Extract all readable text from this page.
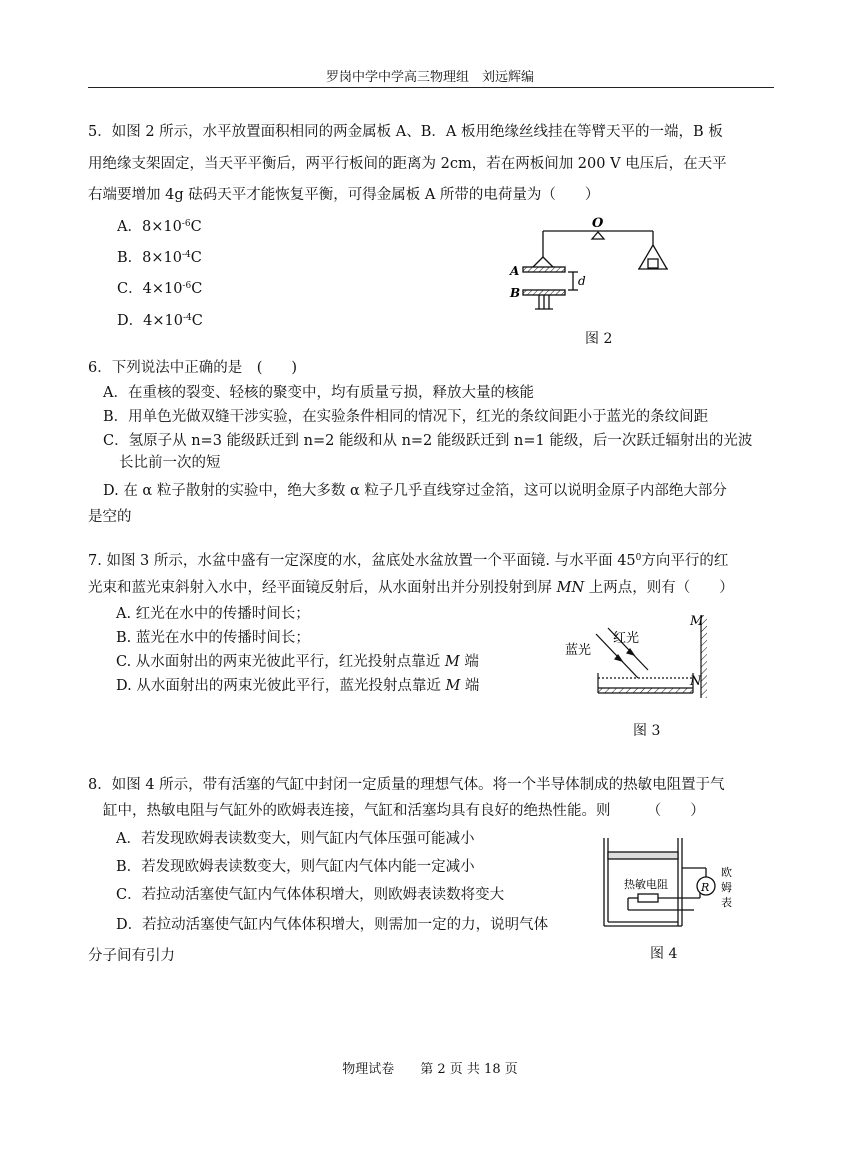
罗岗中学中学高三物理组　刘远辉编
5．如图 2 所示，水平放置面积相同的两金属板 A、B．A 板用绝缘丝线挂在等臂天平的一端，B 板
用绝缘支架固定，当天平平衡后，两平行板间的距离为 2cm，若在两板间加 200 V 电压后，在天平
右端要增加 4g 砝码天平才能恢复平衡，可得金属板 A 所带的电荷量为（　　）
A．$8\times 10^{-6}C$
B．$8\times 10^{-4}C$
C．$4\times 10^{-6}C$
D．$4\times 10^{-4}C$
O
A
B
d
图 2
6．下列说法中正确的是　(　　)
A．在重核的裂变、轻核的聚变中，均有质量亏损，释放大量的核能
B．用单色光做双缝干涉实验，在实验条件相同的情况下，红光的条纹间距小于蓝光的条纹间距
C．氢原子从 n=3 能级跃迁到 n=2 能级和从 n=2 能级跃迁到 n=1 能级，后一次跃迁辐射出的光波
长比前一次的短
D. 在 α 粒子散射的实验中，绝大多数 α 粒子几乎直线穿过金箔，这可以说明金原子内部绝大部分
是空的
7. 如图 3 所示，水盆中盛有一定深度的水，盆底处水盆放置一个平面镜. 与水平面 $45^0$方向平行的红
光束和蓝光束斜射入水中，经平面镜反射后，从水面射出并分别投射到屏 MN 上两点，则有（　　）
A. 红光在水中的传播时间长；
B. 蓝光在水中的传播时间长；
C. 从水面射出的两束光彼此平行，红光投射点靠近 M 端
D. 从水面射出的两束光彼此平行，蓝光投射点靠近 M 端
M
N
蓝光
红光
图 3
8．如图 4 所示，带有活塞的气缸中封闭一定质量的理想气体。将一个半导体制成的热敏电阻置于气
缸中，热敏电阻与气缸外的欧姆表连接，气缸和活塞均具有良好的绝热性能。则　　　（　　）
A．若发现欧姆表读数变大，则气缸内气体压强可能减小
B．若发现欧姆表读数变大，则气缸内气体内能一定减小
C．若拉动活塞使气缸内气体体积增大，则欧姆表读数将变大
D．若拉动活塞使气缸内气体体积增大，则需加一定的力，说明气体
分子间有引力
热敏电阻	R
欧
姆
表
图 4
物理试卷　　第 2 页 共 18 页
